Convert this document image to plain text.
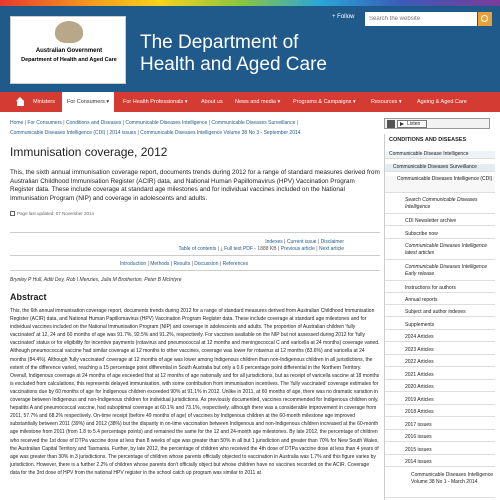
Australian Government
Department of Health and Aged Care
The Department of
Health and Aged Care
+ Follow
Search the website
Ministers	For Consumers ▾	For Health Professionals ▾	About us	News and media ▾	Programs & Campaigns ▾	Resources ▾	Ageing & Aged Care
Home | For Consumers | Conditions and Diseases | Communicable Diseases Intelligence | Communicable Diseases Surveillance |
Communicable Diseases Intelligence (CDI) | 2014 issues | Communicable Diseases Intelligence Volume 38 No 3 - September 2014
Listen
Immunisation coverage, 2012

This, the sixth annual immunisation coverage report, documents trends during 2012 for a range of standard measures derived from Australian Childhood Immunisation Register (ACIR) data, and National Human Papillomavirus (HPV) Vaccination Program Register data. These include coverage at standard age milestones and for individual vaccines included on the National Immunisation Program (NIP) and coverage in adolescents and adults.

Page last updated: 07 November 2014
Indexes | Current issue | Disclaimer
Table of contents | ⤓ Full text PDF - 1888 KB | Previous article | Next article
Introduction | Methods | Results | Discussion | References
Brynley P Hull, Aditi Dey, Rob I Menzies, Julia M Brotherton, Peter B McIntyre
Abstract

This, the 6th annual immunisation coverage report, documents trends during 2012 for a range of standard measures derived from Australian Childhood Immunisation Register (ACIR) data, and National Human Papillomavirus (HPV) Vaccination Program Register data. These include coverage at standard age milestones and for individual vaccines included on the National Immunisation Program (NIP) and coverage in adolescents and adults. The proportion of Australian children 'fully vaccinated' at 12, 24 and 60 months of age was 91.7%, 92.5% and 91.2%, respectively. For vaccines available on the NIP but not assessed during 2012 for 'fully vaccinated' status or for eligibility for incentive payments (rotavirus and pneumococcal at 12 months and meningococcal C and varicella at 24 months) coverage varied. Although pneumococcal vaccine had similar coverage at 12 months to other vaccines, coverage was lower for rotavirus at 12 months (83.6%) and varicella at 24 months (84.4%). Although 'fully vaccinated' coverage at 12 months of age was lower among Indigenous children than non-Indigenous children in all jurisdictions, the extent of the difference varied, reaching a 15 percentage point differential in South Australia but only a 0.6 percentage point differential in the Northern Territory. Overall, Indigenous coverage at 24 months of age exceeded that at 12 months of age nationally and for all jurisdictions, but as receipt of varicella vaccine at 18 months is excluded from calculations, this represents delayed immunisation, with some contribution from immunisation incentives. The 'fully vaccinated' coverage estimates for vaccinations due by 60 months of age for Indigenous children exceeded 90% at 91.1% in 2012. Unlike in 2011, at 60 months of age, there was no dramatic variation in coverage between Indigenous and non-Indigenous children for individual jurisdictions. As previously documented, vaccines recommended for Indigenous children only, hepatitis A and pneumococcal vaccine, had suboptimal coverage at 60.1% and 73.1%, respectively, although there was a considerable improvement in coverage from 2011, 57.7% and 68.2% respectively. On-time receipt (before 49 months of age) of vaccines by Indigenous children at the 60-month milestone age improved substantially between 2011 (39%) and 2012 (38%) but the disparity in on-time vaccination between Indigenous and non-Indigenous children increased at the 60-month age milestone from 2011 (from 1.8 to 5.4 percentage points) and remained the same for the 12 and 24-month age milestones. By late 2012, the percentage of children who received the 1st dose of DTPa vaccine dose at less than 8 weeks of age was greater than 50% in all but 1 jurisdiction and greater than 70% for New South Wales, the Australian Capital Territory and Tasmania. Further, by late 2012, the percentage of children who received the 4th dose of DTPa vaccine dose at less than 4 years of age was greater than 30% in 3 jurisdictions. The percentage of children whose parents officially objected to vaccination in Australia was 1.7% and this figure varies by jurisdiction. However, there is a further 2.2% of children whose parents don't officially object but whose children have no vaccines recorded on the ACIR. Coverage data for the 3rd dose of HPV from the national HPV register in the school catch up program was similar to 2011 at

CONDITIONS AND DISEASES
Communicable Disease Intelligence
Communicable Diseases Surveillance
Communicable Diseases Intelligence (CDI)
Search Communicable Diseases Intelligence
CDI Newsletter archive
Subscribe now
Communicable Diseases Intelligence latest articles
Communicable Diseases Intelligence Early release
Instructions for authors
Annual reports
Subject and author indexes
Supplements
2024 Articles
2023 Articles
2022 Articles
2021 Articles
2020 Articles
2019 Articles
2018 Articles
2017 issues
2016 issues
2015 issues
2014 issues
Communicable Diseases Intelligence Volume 38 No 1 - March 2014
